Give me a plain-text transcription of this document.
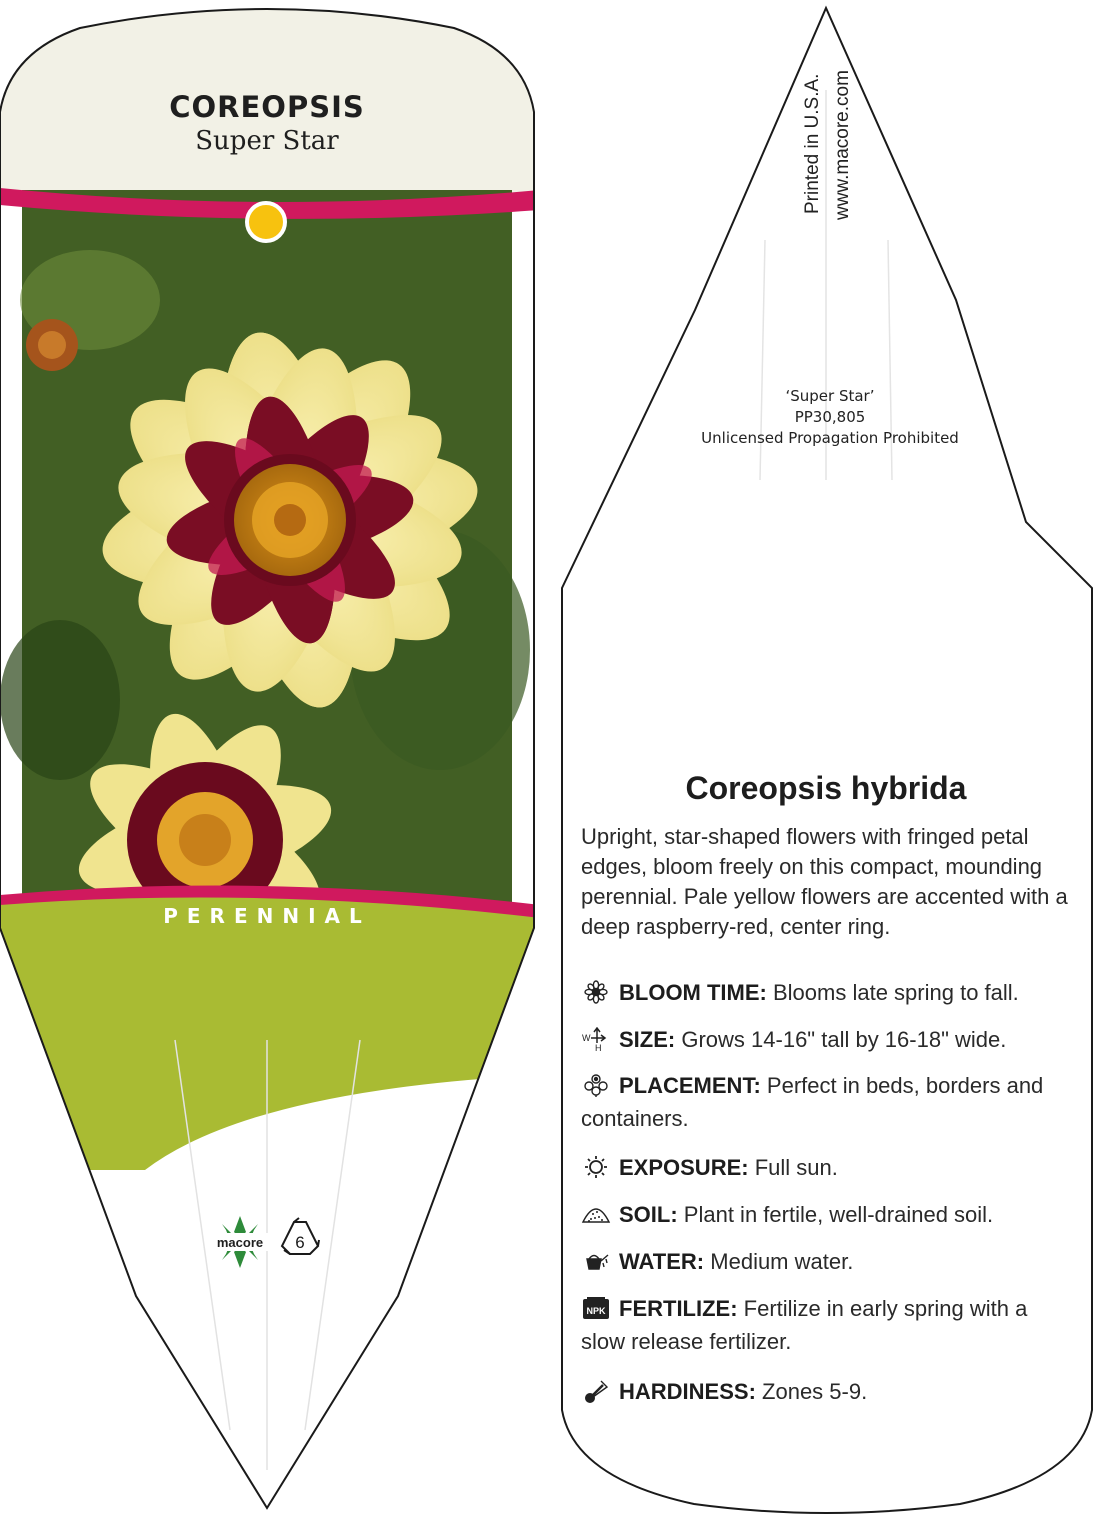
macore 6
COREOPSIS
Super Star
PERENNIAL
Printed in U.S.A. www.macore.com
‘Super Star’
PP30,805
Unlicensed Propagation Prohibited
Coreopsis hybrida
Upright, star-shaped flowers with fringed petal edges, bloom freely on this compact, mounding perennial. Pale yellow flowers are accented with a deep raspberry-red, center ring.
BLOOM TIME: Blooms late spring to fall.
W
H SIZE: Grows 14-16" tall by 16-18" wide.
PLACEMENT: Perfect in beds, borders and containers.
EXPOSURE: Full sun.
SOIL: Plant in fertile, well-drained soil.
WATER: Medium water.
NPK FERTILIZE: Fertilize in early spring with a slow release fertilizer.
HARDINESS: Zones 5-9.
